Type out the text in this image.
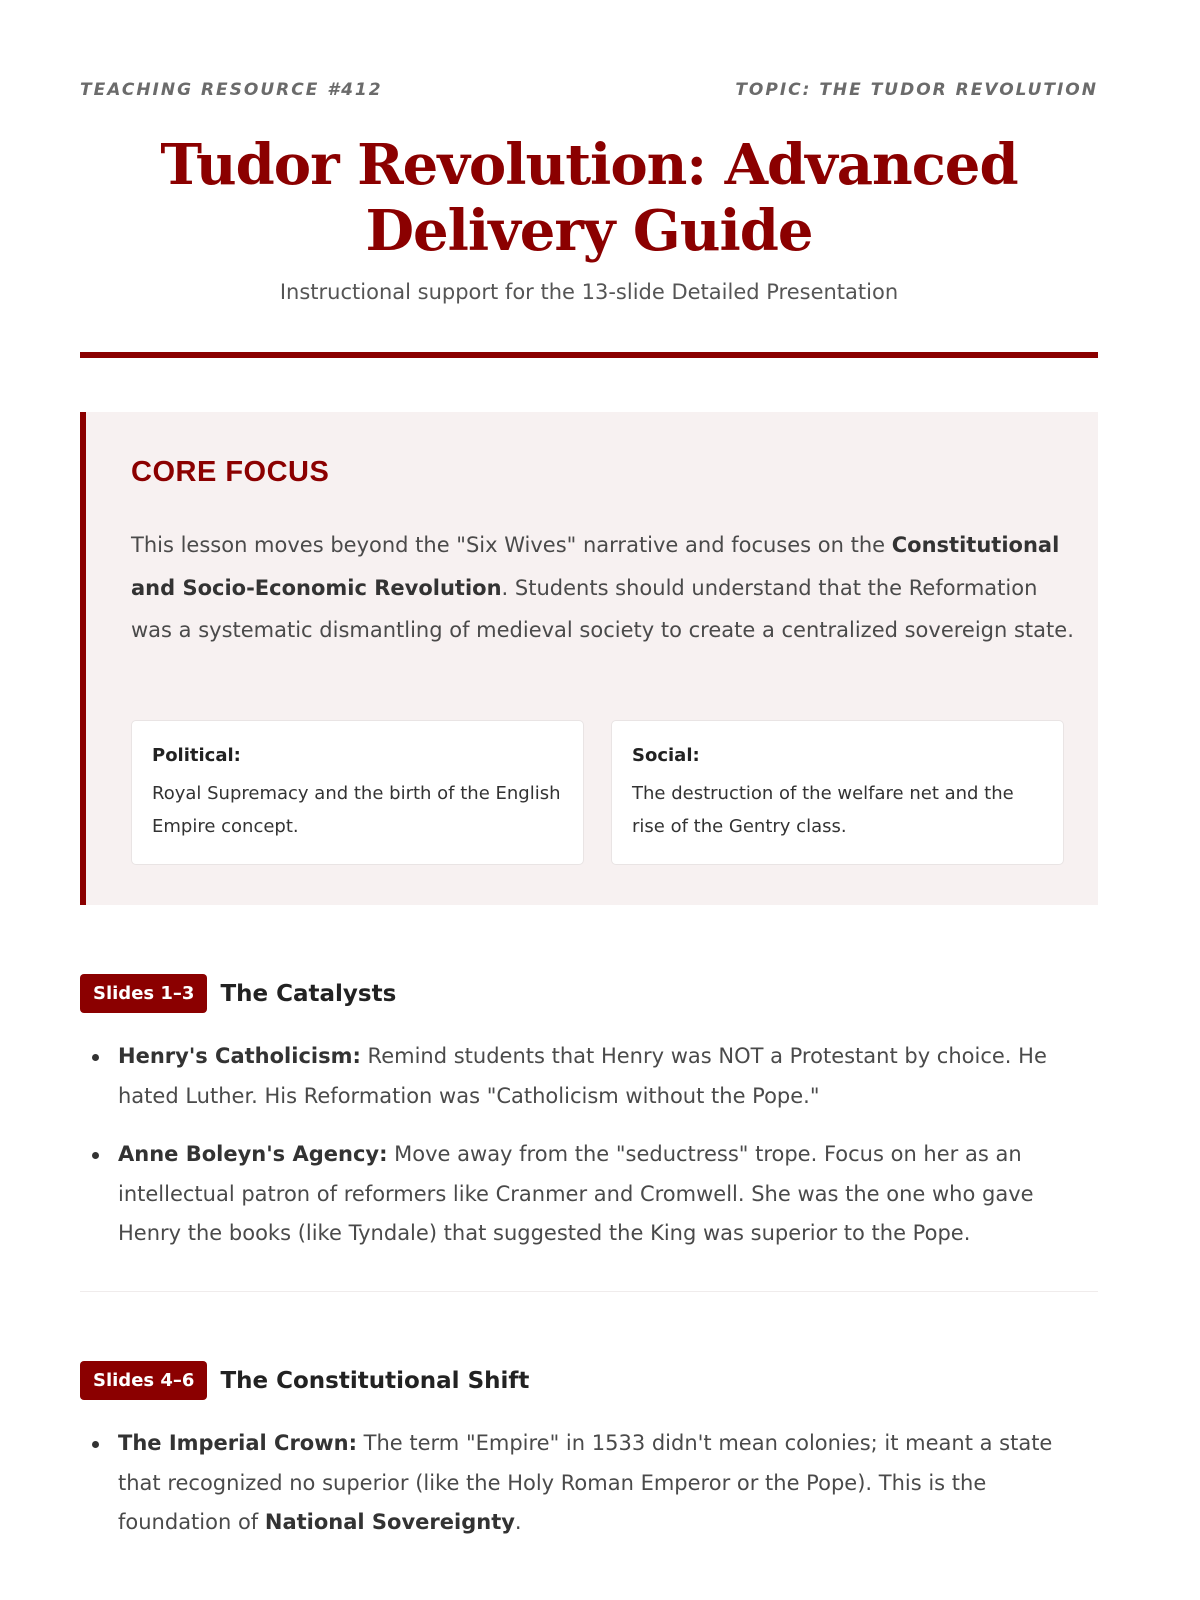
TEACHING RESOURCE #412	TOPIC: THE TUDOR REVOLUTION
Tudor Revolution: Advanced Delivery Guide
Instructional support for the 13-slide Detailed Presentation
CORE FOCUS

This lesson moves beyond the "Six Wives" narrative and focuses on the Constitutional and Socio-Economic Revolution. Students should understand that the Reformation was a systematic dismantling of medieval society to create a centralized sovereign state.

Political:
Royal Supremacy and the birth of the English Empire concept.
Social:
The destruction of the welfare net and the rise of the Gentry class.
Slides 1–3	The Catalysts
Henry's Catholicism: Remind students that Henry was NOT a Protestant by choice. He hated Luther. His Reformation was "Catholicism without the Pope."
Anne Boleyn's Agency: Move away from the "seductress" trope. Focus on her as an intellectual patron of reformers like Cranmer and Cromwell. She was the one who gave Henry the books (like Tyndale) that suggested the King was superior to the Pope.
Slides 4–6	The Constitutional Shift
The Imperial Crown: The term "Empire" in 1533 didn't mean colonies; it meant a state that recognized no superior (like the Holy Roman Emperor or the Pope). This is the foundation of National Sovereignty.
